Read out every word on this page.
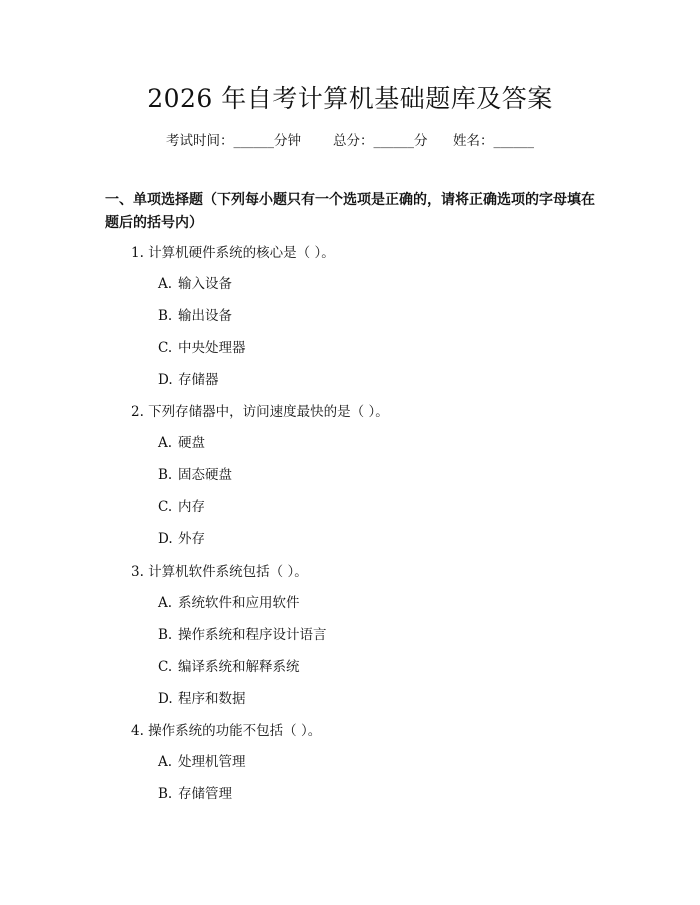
2026 年自考计算机基础题库及答案
考试时间：______分钟 总分：______分 姓名：______
一、单项选择题（下列每小题只有一个选项是正确的，请将正确选项的字母填在题后的括号内）
1. 计算机硬件系统的核心是（ ）。
A. 输入设备
B. 输出设备
C. 中央处理器
D. 存储器
2. 下列存储器中，访问速度最快的是（ ）。
A. 硬盘
B. 固态硬盘
C. 内存
D. 外存
3. 计算机软件系统包括（ ）。
A. 系统软件和应用软件
B. 操作系统和程序设计语言
C. 编译系统和解释系统
D. 程序和数据
4. 操作系统的功能不包括（ ）。
A. 处理机管理
B. 存储管理
